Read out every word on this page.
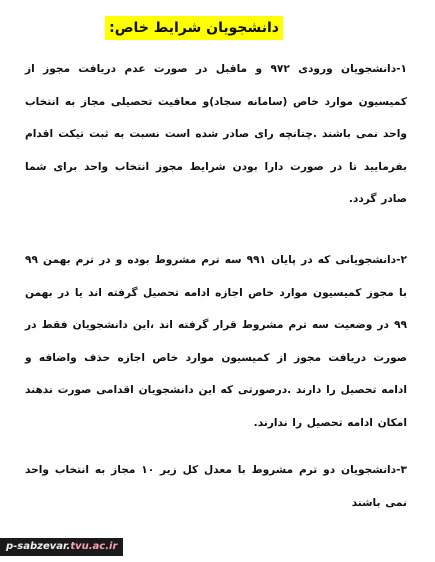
دانشجویان شرایط خاص:

۱-دانشجویان ورودی ۹۷۲ و ماقبل در صورت عدم دریافت مجوز از کمیسیون موارد خاص (سامانه سجاد)و معافیت تحصیلی مجاز به انتخاب واحد نمی باشند .چنانچه رای صادر شده است نسبت به ثبت تیکت اقدام بفرمایید تا در صورت دارا بودن شرایط مجوز انتخاب واحد برای شما صادر گردد.

۲-دانشجویانی که در پایان ۹۹۱ سه ترم مشروط بوده و در ترم بهمن ۹۹ با مجوز کمیسیون موارد خاص اجازه ادامه تحصیل گرفته اند یا در بهمن ۹۹ در وضعیت سه ترم مشروط قرار گرفته اند ،این دانشجویان فقط در صورت دریافت مجوز از کمیسیون موارد خاص اجازه حذف واضافه و ادامه تحصیل را دارند .درصورتی که این دانشجویان اقدامی صورت ندهند امکان ادامه تحصیل را ندارند.

۳-دانشجویان دو ترم مشروط با معدل کل زیر ۱۰ مجاز به انتخاب واحد نمی باشند

p-sabzevar.tvu.ac.ir
